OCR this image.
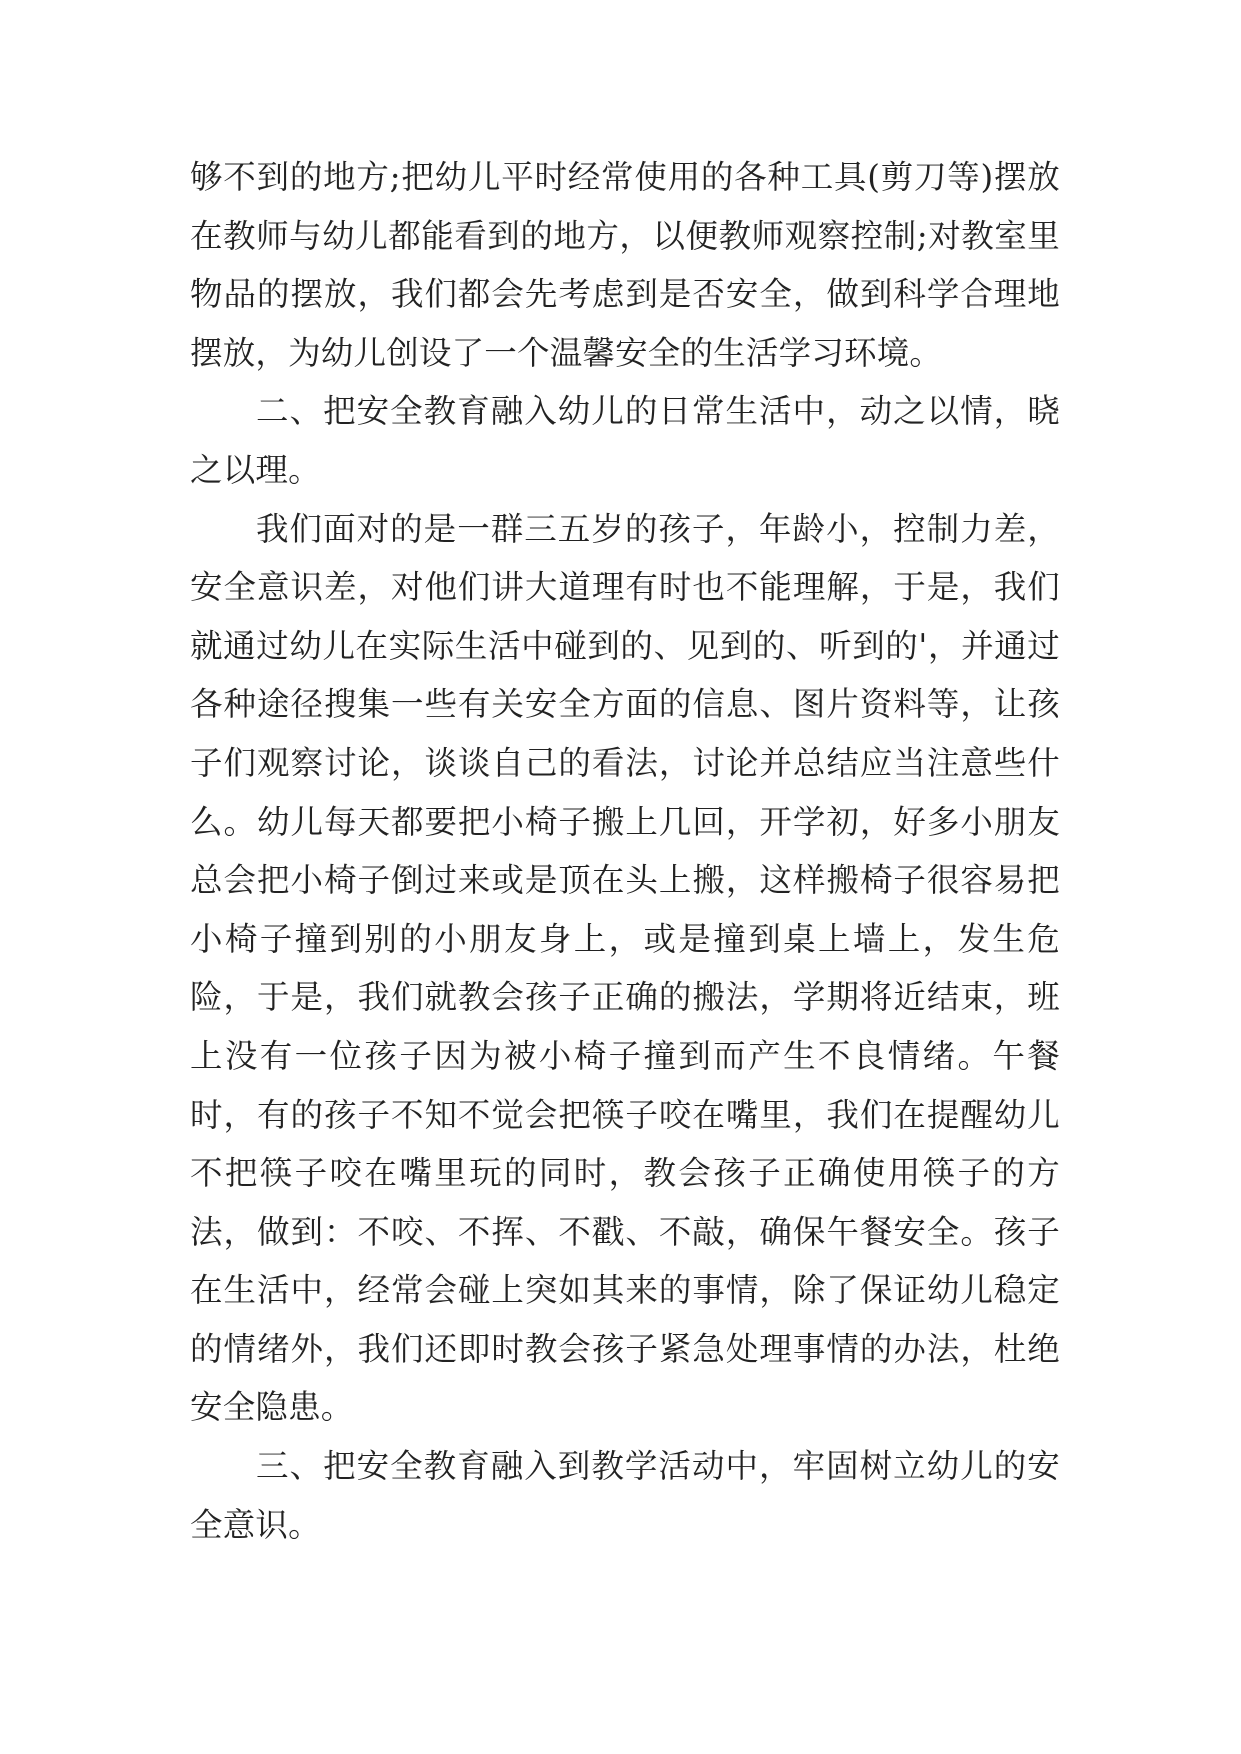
够不到的地方;把幼儿平时经常使用的各种工具(剪刀等)摆放在教师与幼儿都能看到的地方，以便教师观察控制;对教室里物品的摆放，我们都会先考虑到是否安全，做到科学合理地摆放，为幼儿创设了一个温馨安全的生活学习环境。

二、把安全教育融入幼儿的日常生活中，动之以情，晓之以理。

我们面对的是一群三五岁的孩子，年龄小，控制力差，安全意识差，对他们讲大道理有时也不能理解，于是，我们就通过幼儿在实际生活中碰到的、见到的、听到的'，并通过各种途径搜集一些有关安全方面的信息、图片资料等，让孩子们观察讨论，谈谈自己的看法，讨论并总结应当注意些什么。幼儿每天都要把小椅子搬上几回，开学初，好多小朋友总会把小椅子倒过来或是顶在头上搬，这样搬椅子很容易把小椅子撞到别的小朋友身上，或是撞到桌上墙上，发生危险，于是，我们就教会孩子正确的搬法，学期将近结束，班上没有一位孩子因为被小椅子撞到而产生不良情绪。午餐时，有的孩子不知不觉会把筷子咬在嘴里，我们在提醒幼儿不把筷子咬在嘴里玩的同时，教会孩子正确使用筷子的方法，做到：不咬、不挥、不戳、不敲，确保午餐安全。孩子在生活中，经常会碰上突如其来的事情，除了保证幼儿稳定的情绪外，我们还即时教会孩子紧急处理事情的办法，杜绝安全隐患。

三、把安全教育融入到教学活动中，牢固树立幼儿的安全意识。
